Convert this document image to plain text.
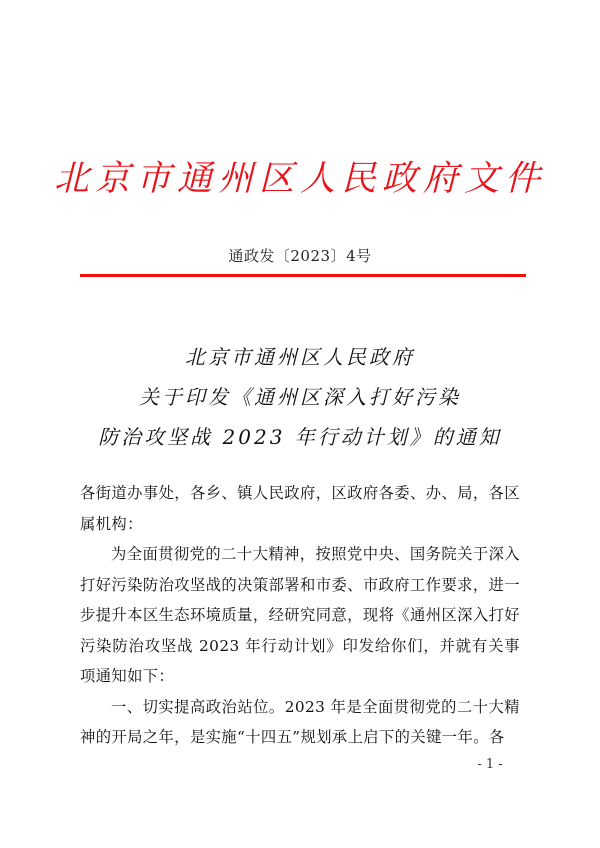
北京市通州区人民政府文件
通政发〔2023〕4号
北京市通州区人民政府
关于印发《通州区深入打好污染
防治攻坚战 2023 年行动计划》的通知

各街道办事处，各乡、镇人民政府，区政府各委、办、局，各区属机构：

为全面贯彻党的二十大精神，按照党中央、国务院关于深入打好污染防治攻坚战的决策部署和市委、市政府工作要求，进一步提升本区生态环境质量，经研究同意，现将《通州区深入打好污染防治攻坚战 2023 年行动计划》印发给你们，并就有关事项通知如下：

一、切实提高政治站位。2023 年是全面贯彻党的二十大精神的开局之年，是实施“十四五”规划承上启下的关键一年。各

- 1 -
